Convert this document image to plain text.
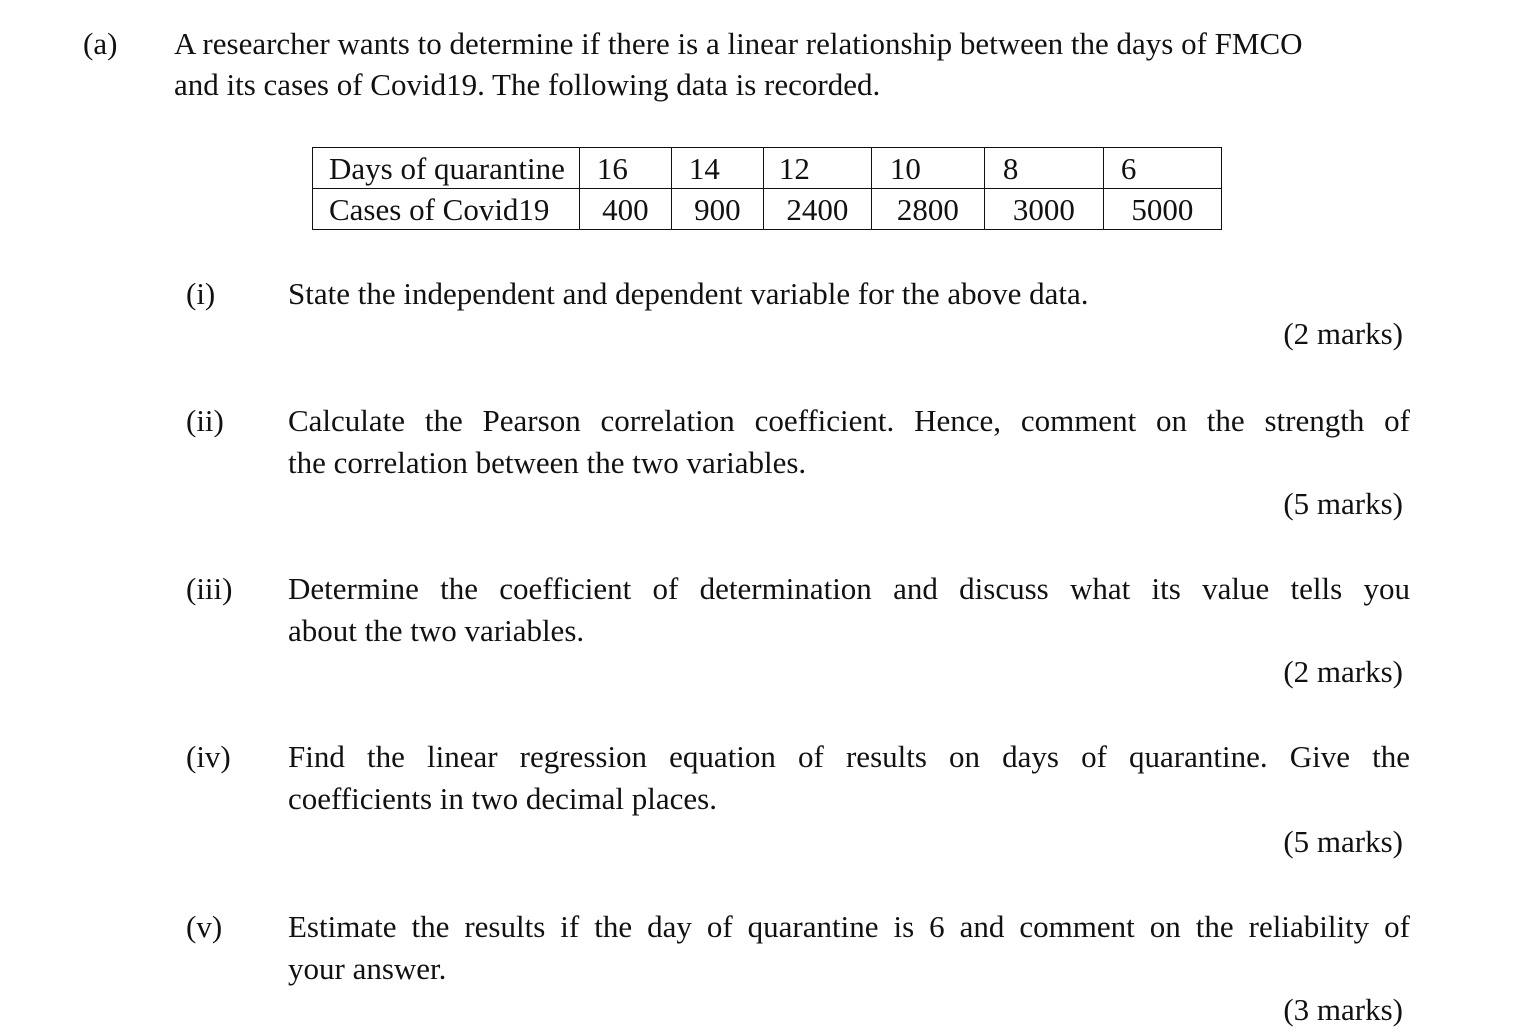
(a) A researcher wants to determine if there is a linear relationship between the days of FMCO
and its cases of Covid19. The following data is recorded.
Days of quarantine	16	14	12	10	8	6
Cases of Covid19	400	900	2400	2800	3000	5000
(i) State the independent and dependent variable for the above data.
(2 marks)
(ii) Calculate the Pearson correlation coefficient. Hence, comment on the strength of
the correlation between the two variables.
(5 marks)
(iii) Determine the coefficient of determination and discuss what its value tells you
about the two variables.
(2 marks)
(iv) Find the linear regression equation of results on days of quarantine. Give the
coefficients in two decimal places.
(5 marks)
(v) Estimate the results if the day of quarantine is 6 and comment on the reliability of
your answer.
(3 marks)
